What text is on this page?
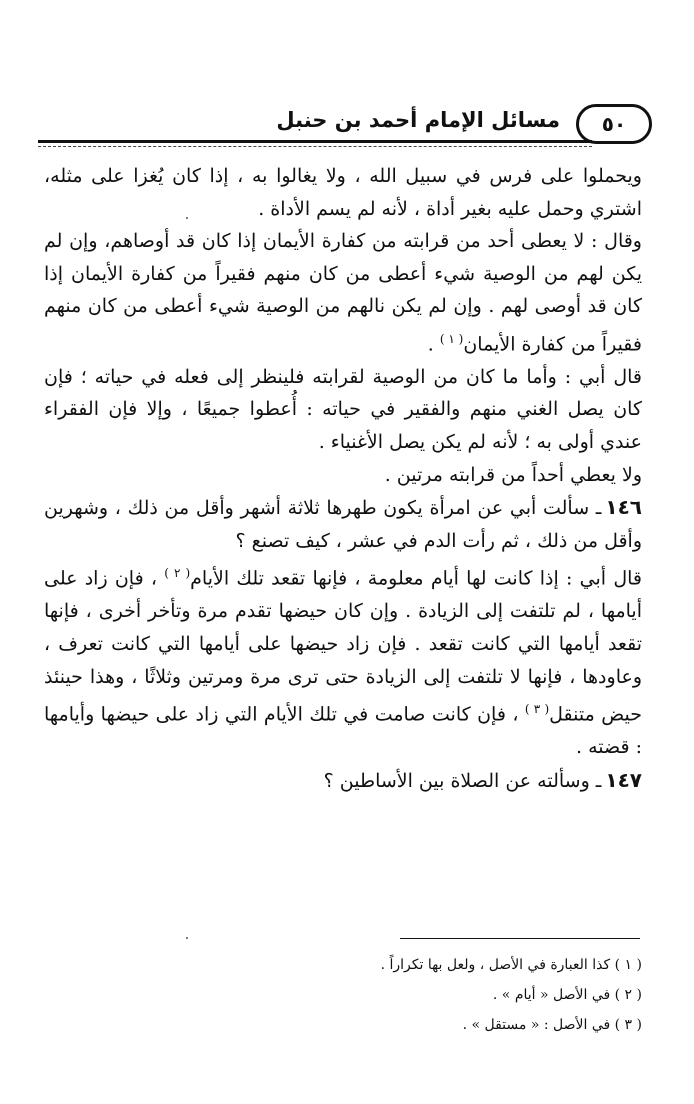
٥٠
مسائل الإمام أحمد بن حنبل

ويحملوا على فرس في سبيل الله ، ولا يغالوا به ، إذا كان يُغزا على مثله، اشتري وحمل عليه بغير أداة ، لأنه لم يسم الأداة .

وقال : لا يعطى أحد من قرابته من كفارة الأيمان إذا كان قد أوصاهم، وإن لم يكن لهم من الوصية شيء أعطى من كان منهم فقيراً من كفارة الأيمان إذا كان قد أوصى لهم . وإن لم يكن نالهم من الوصية شيء أعطى من كان منهم فقيراً من كفارة الأيمان$^{( ١ )}$ .

قال أبي : وأما ما كان من الوصية لقرابته فلينظر إلى فعله في حياته ؛ فإن كان يصل الغني منهم والفقير في حياته : أُعطوا جميعًا ، وإلا فإن الفقراء عندي أولى به ؛ لأنه لم يكن يصل الأغنياء .

ولا يعطي أحداً من قرابته مرتين .

١٤٦ـ سألت أبي عن امرأة يكون طهرها ثلاثة أشهر وأقل من ذلك ، وشهرين وأقل من ذلك ، ثم رأت الدم في عشر ، كيف تصنع ؟

قال أبي : إذا كانت لها أيام معلومة ، فإنها تقعد تلك الأيام$^{( ٢ )}$ ، فإن زاد على أيامها ، لم تلتفت إلى الزيادة . وإن كان حيضها تقدم مرة وتأخر أخرى ، فإنها تقعد أيامها التي كانت تقعد . فإن زاد حيضها على أيامها التي كانت تعرف ، وعاودها ، فإنها لا تلتفت إلى الزيادة حتى ترى مرة ومرتين وثلاثًا ، وهذا حينئذ حيض متنقل$^{( ٣ )}$ ، فإن كانت صامت في تلك الأيام التي زاد على حيضها وأيامها : قضته .

١٤٧ـ وسألته عن الصلاة بين الأساطين ؟

( ١ ) كذا العبارة في الأصل ، ولعل بها تكراراً .

( ٢ ) في الأصل « أيام » .

( ٣ ) في الأصل : « مستقل » .
